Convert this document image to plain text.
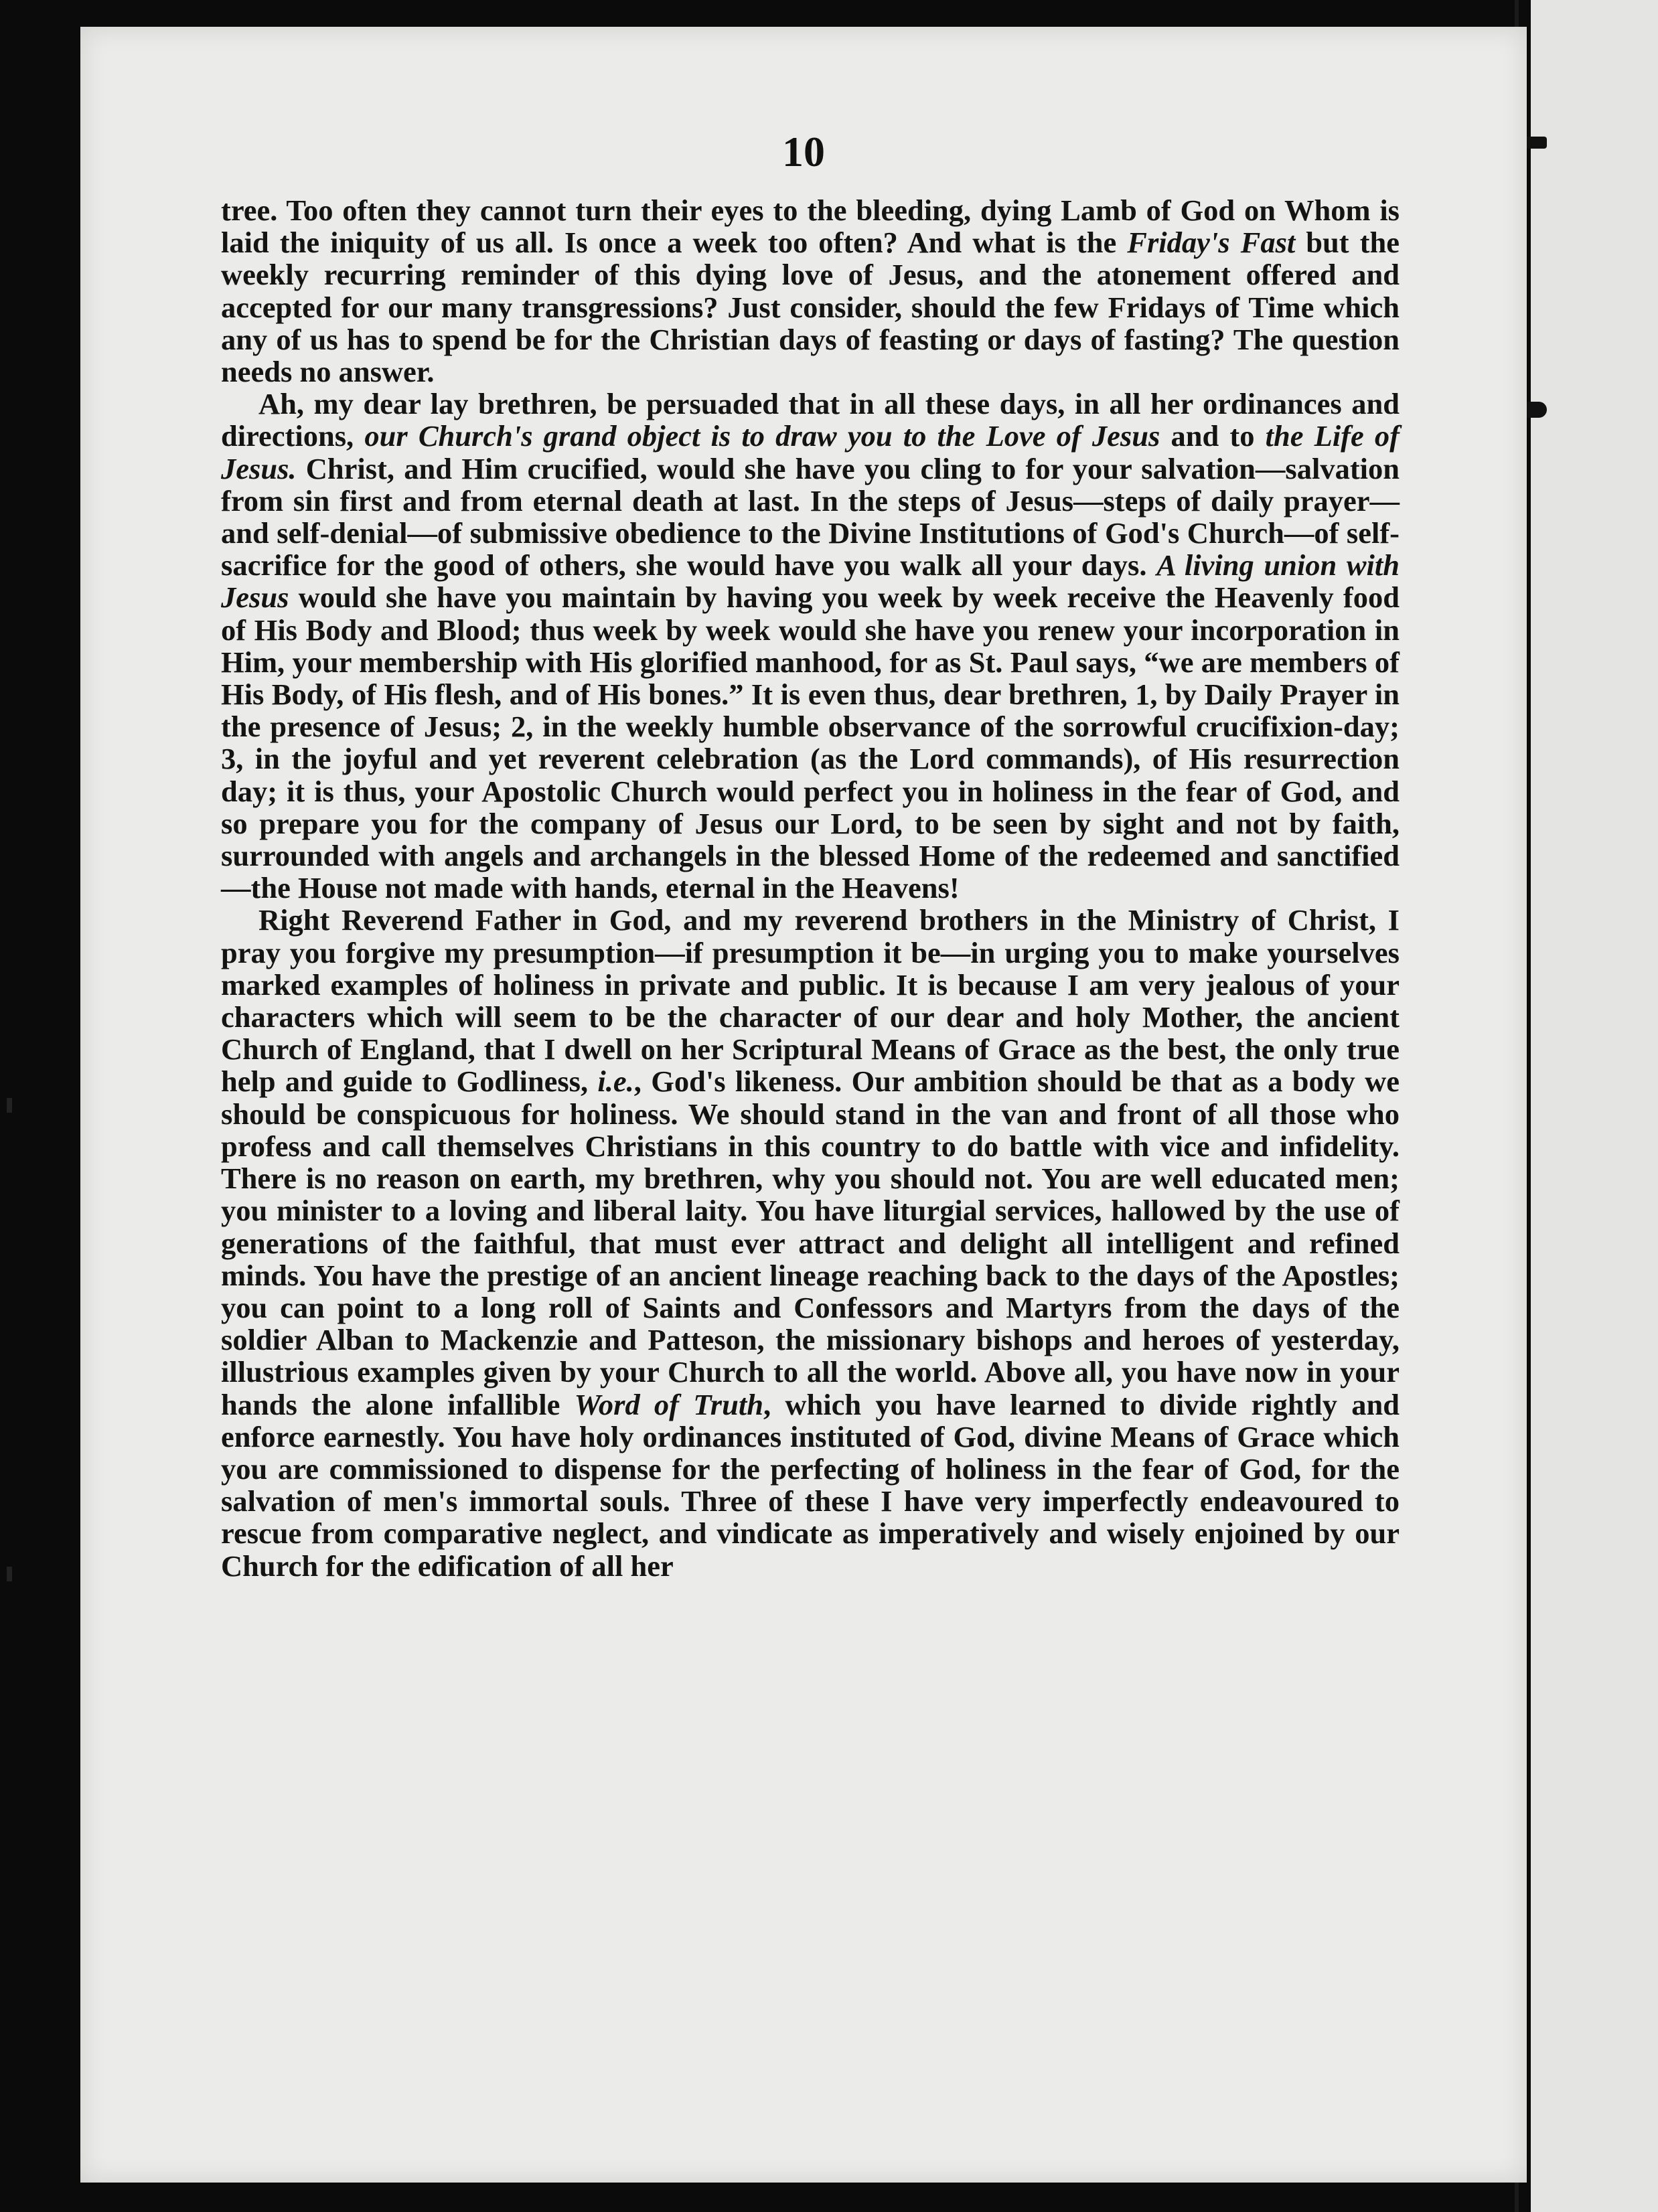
10

tree. Too often they cannot turn their eyes to the bleeding, dying Lamb of God on Whom is laid the iniquity of us all. Is once a week too often? And what is the Friday's Fast but the weekly recurring reminder of this dying love of Jesus, and the atonement offered and accepted for our many transgressions? Just consider, should the few Fridays of Time which any of us has to spend be for the Christian days of feasting or days of fasting? The question needs no answer.

Ah, my dear lay brethren, be persuaded that in all these days, in all her ordinances and directions, our Church's grand object is to draw you to the Love of Jesus and to the Life of Jesus. Christ, and Him crucified, would she have you cling to for your salvation—salvation from sin first and from eternal death at last. In the steps of Jesus—steps of daily prayer—and self-denial—of submissive obedience to the Divine Institutions of God's Church—of self-sacrifice for the good of others, she would have you walk all your days. A living union with Jesus would she have you maintain by having you week by week receive the Heavenly food of His Body and Blood; thus week by week would she have you renew your incorporation in Him, your membership with His glorified manhood, for as St. Paul says, “we are members of His Body, of His flesh, and of His bones.” It is even thus, dear brethren, 1, by Daily Prayer in the presence of Jesus; 2, in the weekly humble observance of the sorrowful crucifixion-day; 3, in the joyful and yet reverent celebration (as the Lord commands), of His resurrection day; it is thus, your Apostolic Church would perfect you in holiness in the fear of God, and so prepare you for the company of Jesus our Lord, to be seen by sight and not by faith, surrounded with angels and archangels in the blessed Home of the redeemed and sanctified—the House not made with hands, eternal in the Heavens!

Right Reverend Father in God, and my reverend brothers in the Ministry of Christ, I pray you forgive my presumption—if presumption it be—in urging you to make yourselves marked examples of holiness in private and public. It is because I am very jealous of your characters which will seem to be the character of our dear and holy Mother, the ancient Church of England, that I dwell on her Scriptural Means of Grace as the best, the only true help and guide to Godliness, i.e., God's likeness. Our ambition should be that as a body we should be conspicuous for holiness. We should stand in the van and front of all those who profess and call themselves Christians in this country to do battle with vice and infidelity. There is no reason on earth, my brethren, why you should not. You are well educated men; you minister to a loving and liberal laity. You have liturgial services, hallowed by the use of generations of the faithful, that must ever attract and delight all intelligent and refined minds. You have the prestige of an ancient lineage reaching back to the days of the Apostles; you can point to a long roll of Saints and Confessors and Martyrs from the days of the soldier Alban to Mackenzie and Patteson, the missionary bishops and heroes of yesterday, illustrious examples given by your Church to all the world. Above all, you have now in your hands the alone infallible Word of Truth, which you have learned to divide rightly and enforce earnestly. You have holy ordinances instituted of God, divine Means of Grace which you are commissioned to dispense for the perfecting of holiness in the fear of God, for the salvation of men's immortal souls. Three of these I have very imperfectly endeavoured to rescue from comparative neglect, and vindicate as imperatively and wisely enjoined by our Church for the edification of all her
